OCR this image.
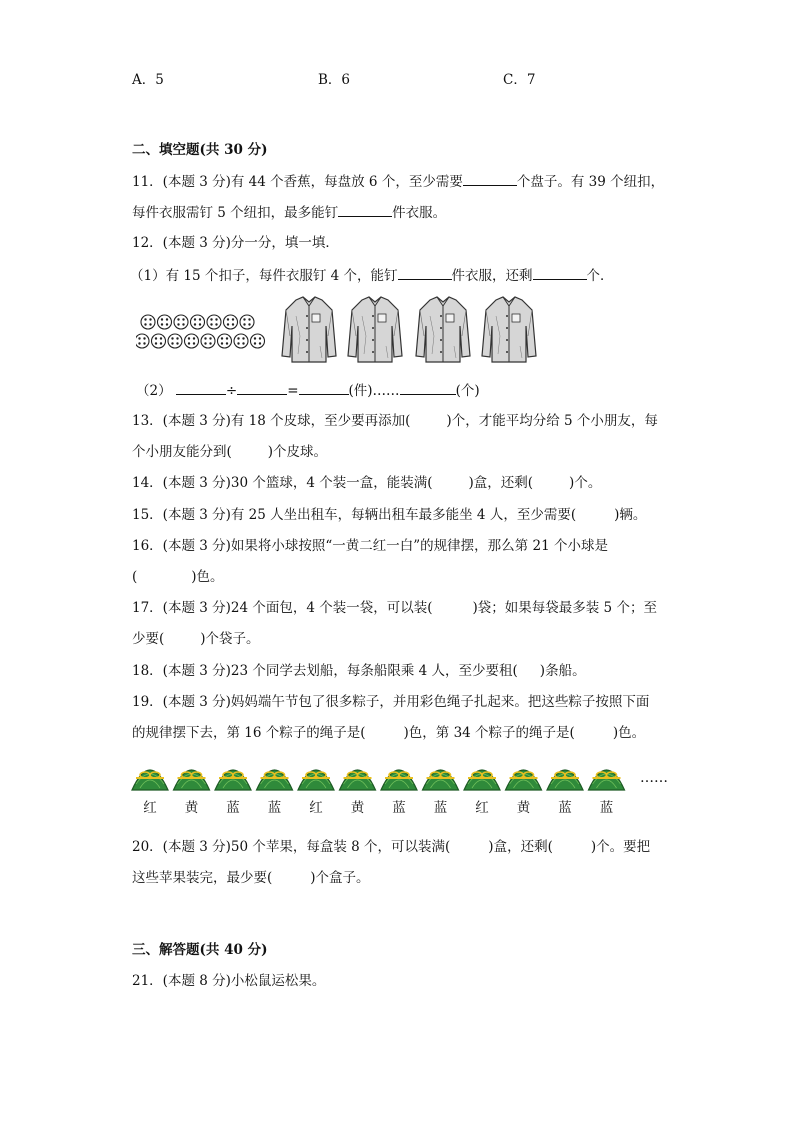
A．5	B．6	C．7
二、填空题(共 30 分)
11．(本题 3 分)有 44 个香蕉，每盘放 6 个，至少需要	个盘子。有 39 个纽扣，
每件衣服需钉 5 个纽扣，最多能钉	件衣服。
12．(本题 3 分)分一分，填一填．
（1）有 15 个扣子，每件衣服钉 4 个，能钉	件衣服，还剩	个．
（2）	÷	=	(件)……	(个)
13．(本题 3 分)有 18 个皮球，至少要再添加(	)个，才能平均分给 5 个小朋友，每
个小朋友能分到(	)个皮球。
14．(本题 3 分)30 个篮球，4 个装一盒，能装满(	)盒，还剩(	)个。
15．(本题 3 分)有 25 人坐出租车，每辆出租车最多能坐 4 人，至少需要(	)辆。
16．(本题 3 分)如果将小球按照“一黄二红一白”的规律摆，那么第 21 个小球是
(	)色。
17．(本题 3 分)24 个面包，4 个装一袋，可以装(	)袋；如果每袋最多装 5 个；至
少要(	)个袋子。
18．(本题 3 分)23 个同学去划船，每条船限乘 4 人，至少要租( )条船。
19．(本题 3 分)妈妈端午节包了很多粽子，并用彩色绳子扎起来。把这些粽子按照下面
的规律摆下去，第 16 个粽子的绳子是(	)色，第 34 个粽子的绳子是(	)色。
……
红 黄 蓝 蓝 红 黄 蓝 蓝 红 黄 蓝 蓝
20．(本题 3 分)50 个苹果，每盒装 8 个，可以装满(	)盒，还剩(	)个。要把
这些苹果装完，最少要(	)个盒子。
三、解答题(共 40 分)
21．(本题 8 分)小松鼠运松果。
